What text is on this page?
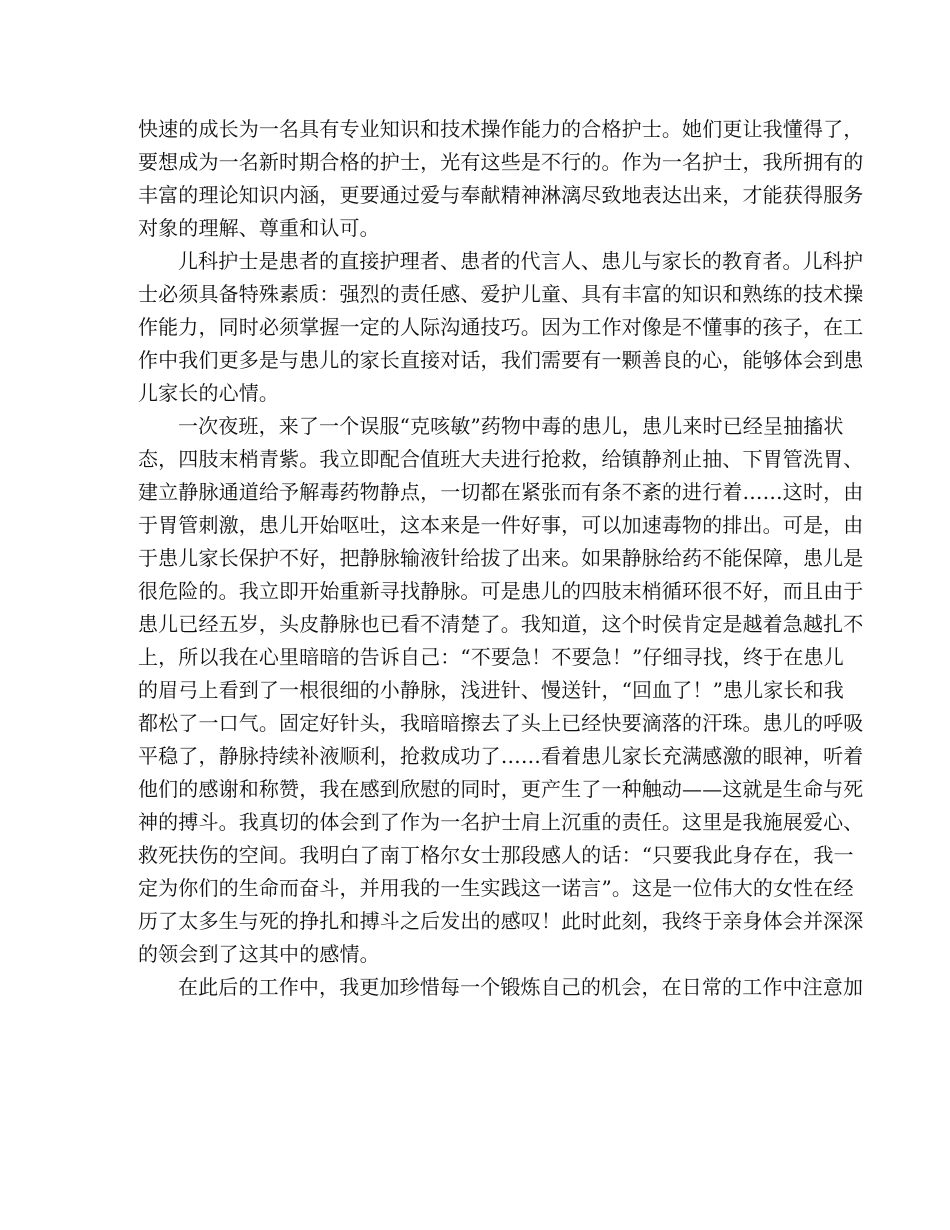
快速的成长为一名具有专业知识和技术操作能力的合格护士。她们更让我懂得了，
要想成为一名新时期合格的护士，光有这些是不行的。作为一名护士，我所拥有的
丰富的理论知识内涵，更要通过爱与奉献精神淋漓尽致地表达出来，才能获得服务
对象的理解、尊重和认可。

儿科护士是患者的直接护理者、患者的代言人、患儿与家长的教育者。儿科护
士必须具备特殊素质：强烈的责任感、爱护儿童、具有丰富的知识和熟练的技术操
作能力，同时必须掌握一定的人际沟通技巧。因为工作对像是不懂事的孩子，在工
作中我们更多是与患儿的家长直接对话，我们需要有一颗善良的心，能够体会到患
儿家长的心情。

一次夜班，来了一个误服“克咳敏”药物中毒的患儿，患儿来时已经呈抽搐状
态，四肢末梢青紫。我立即配合值班大夫进行抢救，给镇静剂止抽、下胃管洗胃、
建立静脉通道给予解毒药物静点，一切都在紧张而有条不紊的进行着……这时，由
于胃管刺激，患儿开始呕吐，这本来是一件好事，可以加速毒物的排出。可是，由
于患儿家长保护不好，把静脉输液针给拔了出来。如果静脉给药不能保障，患儿是
很危险的。我立即开始重新寻找静脉。可是患儿的四肢末梢循环很不好，而且由于
患儿已经五岁，头皮静脉也已看不清楚了。我知道，这个时侯肯定是越着急越扎不
上，所以我在心里暗暗的告诉自己：“不要急！不要急！”仔细寻找，终于在患儿
的眉弓上看到了一根很细的小静脉，浅进针、慢送针，“回血了！”患儿家长和我
都松了一口气。固定好针头，我暗暗擦去了头上已经快要滴落的汗珠。患儿的呼吸
平稳了，静脉持续补液顺利，抢救成功了……看着患儿家长充满感激的眼神，听着
他们的感谢和称赞，我在感到欣慰的同时，更产生了一种触动——这就是生命与死
神的搏斗。我真切的体会到了作为一名护士肩上沉重的责任。这里是我施展爱心、
救死扶伤的空间。我明白了南丁格尔女士那段感人的话：“只要我此身存在，我一
定为你们的生命而奋斗，并用我的一生实践这一诺言”。这是一位伟大的女性在经
历了太多生与死的挣扎和搏斗之后发出的感叹！此时此刻，我终于亲身体会并深深
的领会到了这其中的感情。

在此后的工作中，我更加珍惜每一个锻炼自己的机会，在日常的工作中注意加
